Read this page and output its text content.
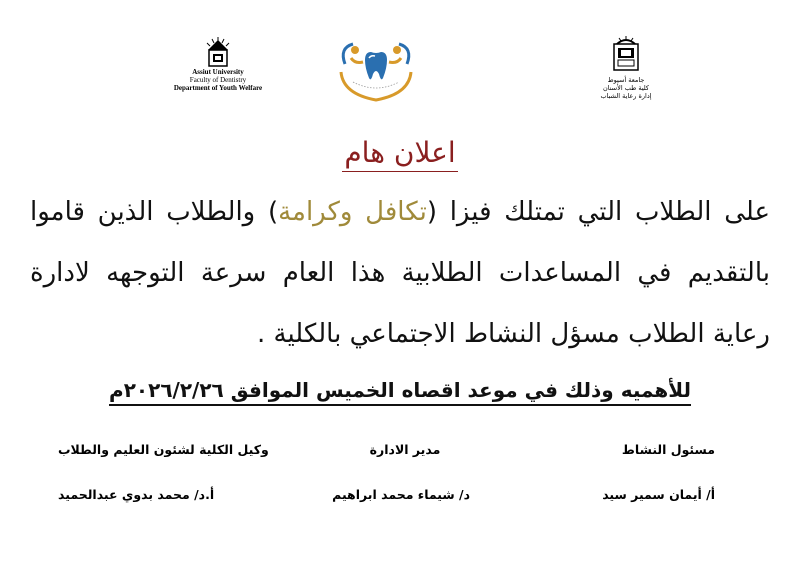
Assiut University
Faculty of Dentistry
Department of Youth Welfare
جامعة أسيوط
كلية طب الأسنان
إدارة رعاية الشباب
اعلان هام
على الطلاب التي تمتلك فيزا (تكافل وكرامة) والطلاب الذين قاموا بالتقديم في المساعدات الطلابية هذا العام سرعة التوجهه لادارة رعاية الطلاب مسؤل النشاط الاجتماعي بالكلية .
للأهميه وذلك في موعد اقصاه الخميس الموافق ٢٠٢٦/٢/٢٦م
مسئول النشاط
مدير الادارة
وكيل الكلية لشئون العليم والطلاب
أ/ أيمان سمير سيد
د/ شيماء محمد ابراهيم
أ.د/ محمد بدوي عبدالحميد
